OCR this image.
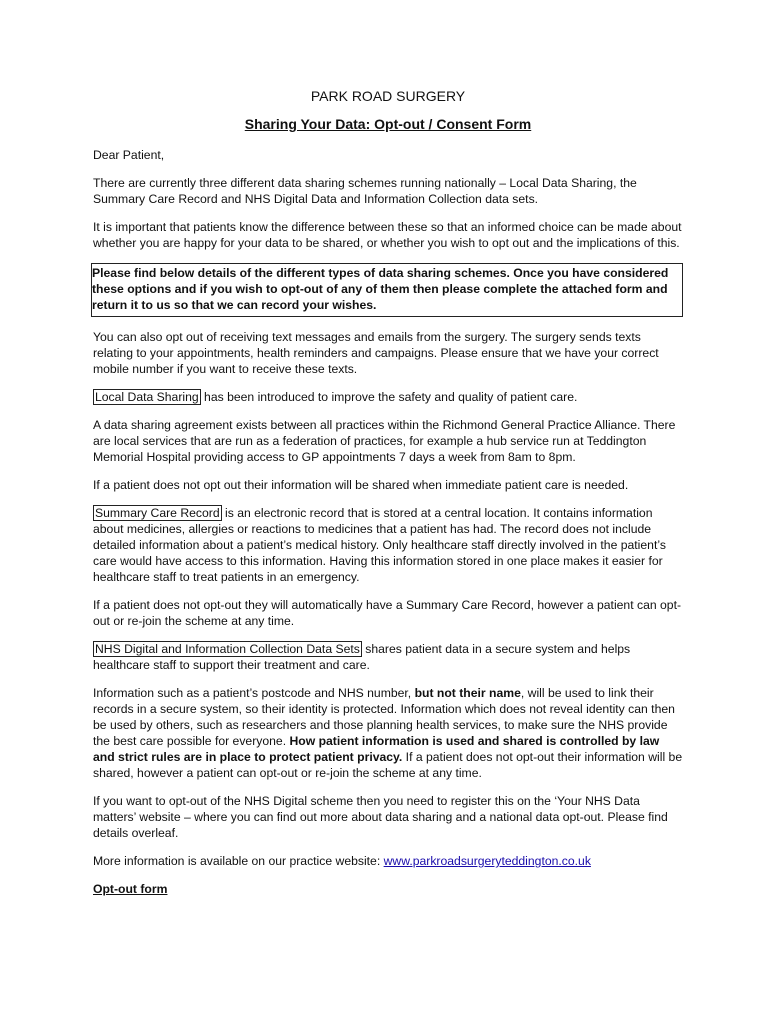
PARK ROAD SURGERY

Sharing Your Data: Opt-out / Consent Form

Dear Patient,

There are currently three different data sharing schemes running nationally – Local Data Sharing, the Summary Care Record and NHS Digital Data and Information Collection data sets.

It is important that patients know the difference between these so that an informed choice can be made about whether you are happy for your data to be shared, or whether you wish to opt out and the implications of this.

Please find below details of the different types of data sharing schemes. Once you have considered these options and if you wish to opt-out of any of them then please complete the attached form and return it to us so that we can record your wishes.

You can also opt out of receiving text messages and emails from the surgery. The surgery sends texts relating to your appointments, health reminders and campaigns. Please ensure that we have your correct mobile number if you want to receive these texts.

Local Data Sharing has been introduced to improve the safety and quality of patient care.

A data sharing agreement exists between all practices within the Richmond General Practice Alliance. There are local services that are run as a federation of practices, for example a hub service run at Teddington Memorial Hospital providing access to GP appointments 7 days a week from 8am to 8pm.

If a patient does not opt out their information will be shared when immediate patient care is needed.

Summary Care Record is an electronic record that is stored at a central location. It contains information about medicines, allergies or reactions to medicines that a patient has had. The record does not include detailed information about a patient’s medical history. Only healthcare staff directly involved in the patient’s care would have access to this information. Having this information stored in one place makes it easier for healthcare staff to treat patients in an emergency.

If a patient does not opt-out they will automatically have a Summary Care Record, however a patient can opt-out or re-join the scheme at any time.

NHS Digital and Information Collection Data Sets shares patient data in a secure system and helps healthcare staff to support their treatment and care.

Information such as a patient’s postcode and NHS number, but not their name, will be used to link their records in a secure system, so their identity is protected. Information which does not reveal identity can then be used by others, such as researchers and those planning health services, to make sure the NHS provide the best care possible for everyone. How patient information is used and shared is controlled by law and strict rules are in place to protect patient privacy. If a patient does not opt-out their information will be shared, however a patient can opt-out or re-join the scheme at any time.

If you want to opt-out of the NHS Digital scheme then you need to register this on the ‘Your NHS Data matters’ website – where you can find out more about data sharing and a national data opt-out. Please find details overleaf.

More information is available on our practice website: www.parkroadsurgeryteddington.co.uk

Opt-out form
